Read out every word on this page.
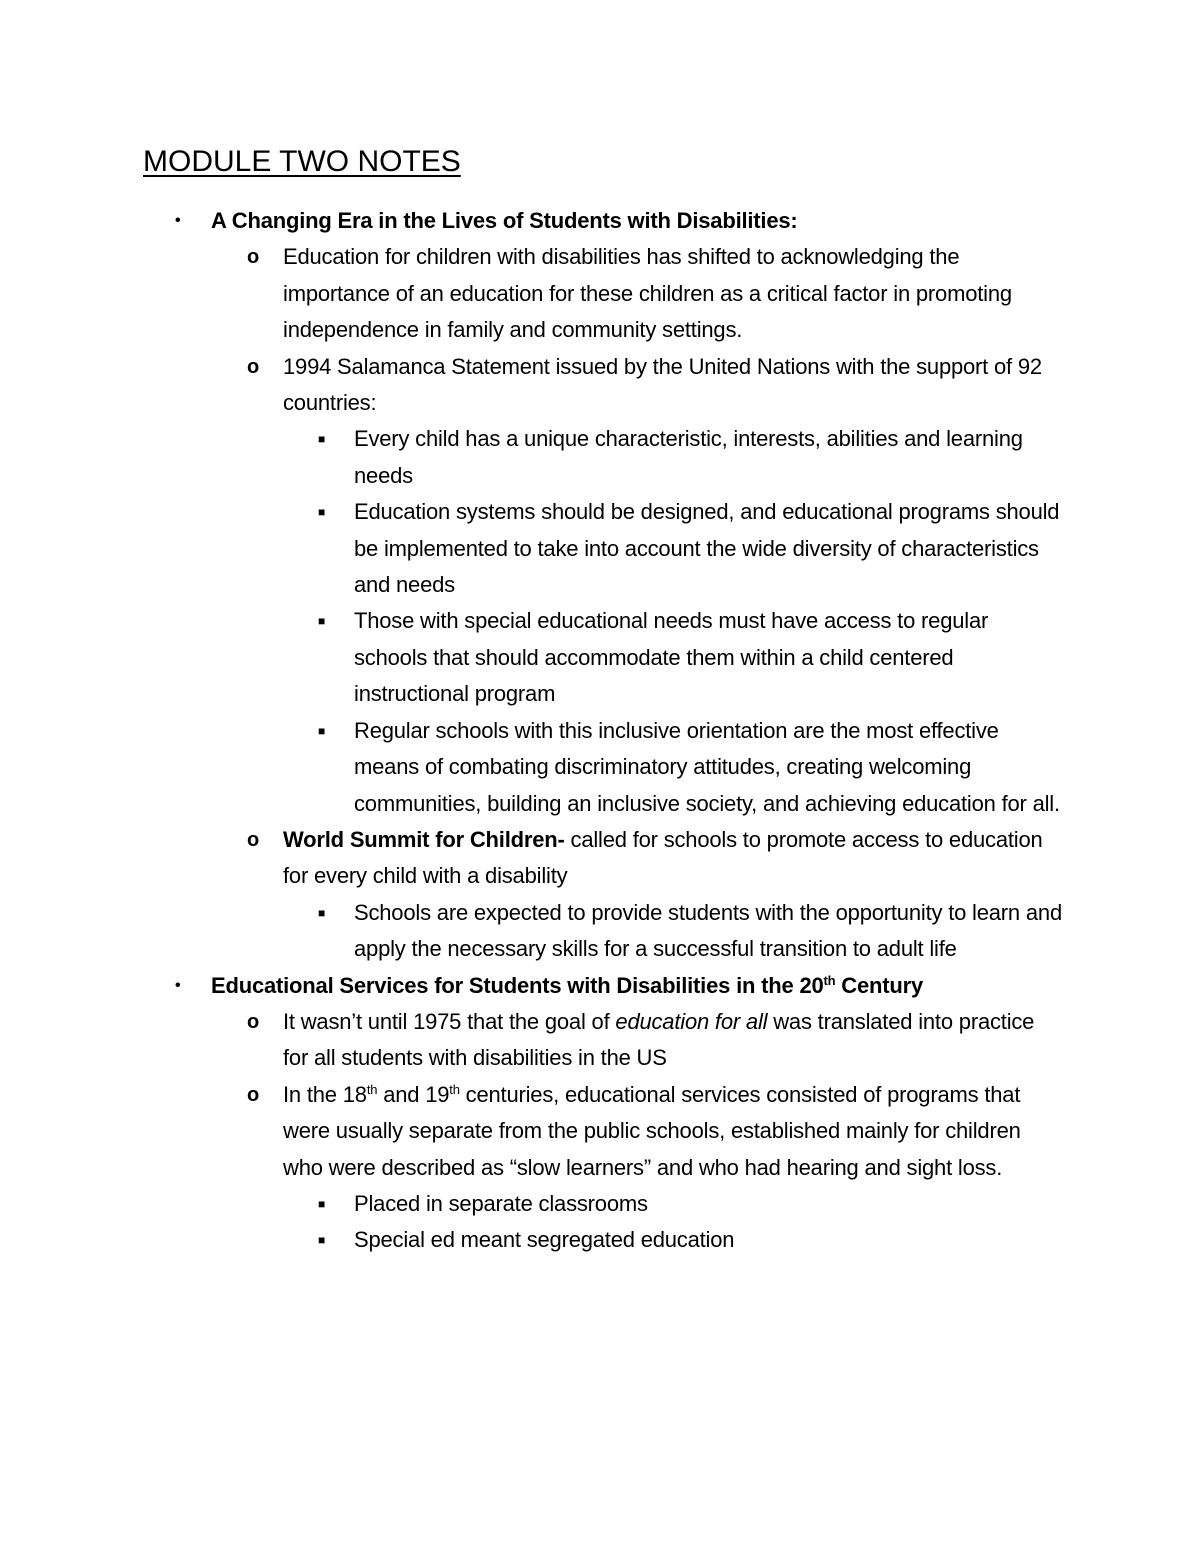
MODULE TWO NOTES
• A Changing Era in the Lives of Students with Disabilities:
o Education for children with disabilities has shifted to acknowledging the importance of an education for these children as a critical factor in promoting independence in family and community settings.
o 1994 Salamanca Statement issued by the United Nations with the support of 92 countries:
■ Every child has a unique characteristic, interests, abilities and learning needs
■ Education systems should be designed, and educational programs should be implemented to take into account the wide diversity of characteristics and needs
■ Those with special educational needs must have access to regular schools that should accommodate them within a child centered instructional program
■ Regular schools with this inclusive orientation are the most effective means of combating discriminatory attitudes, creating welcoming communities, building an inclusive society, and achieving education for all.
o World Summit for Children- called for schools to promote access to education for every child with a disability
■ Schools are expected to provide students with the opportunity to learn and apply the necessary skills for a successful transition to adult life
• Educational Services for Students with Disabilities in the 20th Century
o It wasn’t until 1975 that the goal of education for all was translated into practice for all students with disabilities in the US
o In the 18th and 19th centuries, educational services consisted of programs that were usually separate from the public schools, established mainly for children who were described as “slow learners” and who had hearing and sight loss.
■ Placed in separate classrooms
■ Special ed meant segregated education
